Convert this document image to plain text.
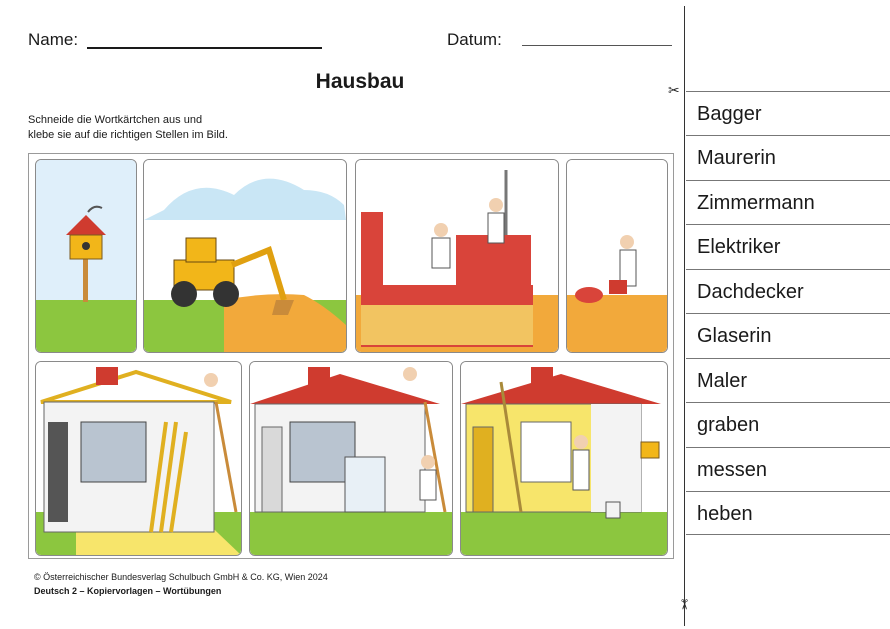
Name:	Datum:
Hausbau
Schneide die Wortkärtchen aus und
klebe sie auf die richtigen Stellen im Bild.
© Österreichischer Bundesverlag Schulbuch GmbH & Co. KG, Wien 2024
Deutsch 2 – Kopiervorlagen – Wortübungen
✂
✂
Bagger
Maurerin
Zimmermann
Elektriker
Dachdecker
Glaserin
Maler
graben
messen
heben
